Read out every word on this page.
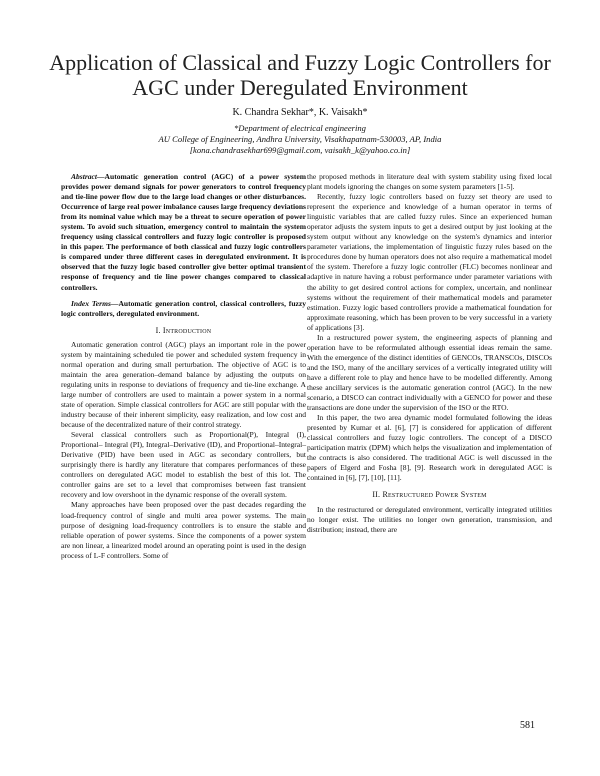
Application of Classical and Fuzzy Logic Controllers for AGC under Deregulated Environment
K. Chandra Sekhar*, K. Vaisakh*
*Department of electrical engineering
AU College of Engineering, Andhra University, Visakhapatnam-530003, AP, India
[kona.chandrasekhar699@gmail.com, vaisakh_k@yahoo.co.in]

Abstract—Automatic generation control (AGC) of a power system provides power demand signals for power generators to control frequency and tie-line power flow due to the large load changes or other disturbances. Occurrence of large real power imbalance causes large frequency deviations from its nominal value which may be a threat to secure operation of power system. To avoid such situation, emergency control to maintain the system frequency using classical controllers and fuzzy logic controller is proposed in this paper. The performance of both classical and fuzzy logic controllers is compared under three different cases in deregulated environment. It is observed that the fuzzy logic based controller give better optimal transient response of frequency and tie line power changes compared to classical controllers.

Index Terms—Automatic generation control, classical controllers, fuzzy logic controllers, deregulated environment.

I. Introduction

Automatic generation control (AGC) plays an important role in the power system by maintaining scheduled tie power and scheduled system frequency in normal operation and during small perturbation. The objective of AGC is to maintain the area generation–demand balance by adjusting the outputs on regulating units in response to deviations of frequency and tie-line exchange. A large number of controllers are used to maintain a power system in a normal state of operation. Simple classical controllers for AGC are still popular with the industry because of their inherent simplicity, easy realization, and low cost and because of the decentralized nature of their control strategy.

Several classical controllers such as Proportional(P), Integral (I), Proportional– Integral (PI), Integral–Derivative (ID), and Proportional–Integral– Derivative (PID) have been used in AGC as secondary controllers, but surprisingly there is hardly any literature that compares performances of these controllers on deregulated AGC model to establish the best of this lot. The controller gains are set to a level that compromises between fast transient recovery and low overshoot in the dynamic response of the overall system.

Many approaches have been proposed over the past decades regarding the load-frequency control of single and multi area power systems. The main purpose of designing load-frequency controllers is to ensure the stable and reliable operation of power systems. Since the components of a power system are non linear, a linearized model around an operating point is used in the design process of L-F controllers. Some of

the proposed methods in literature deal with system stability using fixed local plant models ignoring the changes on some system parameters [1-5].

Recently, fuzzy logic controllers based on fuzzy set theory are used to represent the experience and knowledge of a human operator in terms of linguistic variables that are called fuzzy rules. Since an experienced human operator adjusts the system inputs to get a desired output by just looking at the system output without any knowledge on the system's dynamics and interior parameter variations, the implementation of linguistic fuzzy rules based on the procedures done by human operators does not also require a mathematical model of the system. Therefore a fuzzy logic controller (FLC) becomes nonlinear and adaptive in nature having a robust performance under parameter variations with the ability to get desired control actions for complex, uncertain, and nonlinear systems without the requirement of their mathematical models and parameter estimation. Fuzzy logic based controllers provide a mathematical foundation for approximate reasoning, which has been proven to be very successful in a variety of applications [3].

In a restructured power system, the engineering aspects of planning and operation have to be reformulated although essential ideas remain the same. With the emergence of the distinct identities of GENCOs, TRANSCOs, DISCOs and the ISO, many of the ancillary services of a vertically integrated utility will have a different role to play and hence have to be modelled differently. Among these ancillary services is the automatic generation control (AGC). In the new scenario, a DISCO can contract individually with a GENCO for power and these transactions are done under the supervision of the ISO or the RTO.

In this paper, the two area dynamic model formulated following the ideas presented by Kumar et al. [6], [7] is considered for application of different classical controllers and fuzzy logic controllers. The concept of a DISCO participation matrix (DPM) which helps the visualization and implementation of the contracts is also considered. The traditional AGC is well discussed in the papers of Elgerd and Fosha [8], [9]. Research work in deregulated AGC is contained in [6], [7], [10], [11].

II. Restructured Power System

In the restructured or deregulated environment, vertically integrated utilities no longer exist. The utilities no longer own generation, transmission, and distribution; instead, there are

581
